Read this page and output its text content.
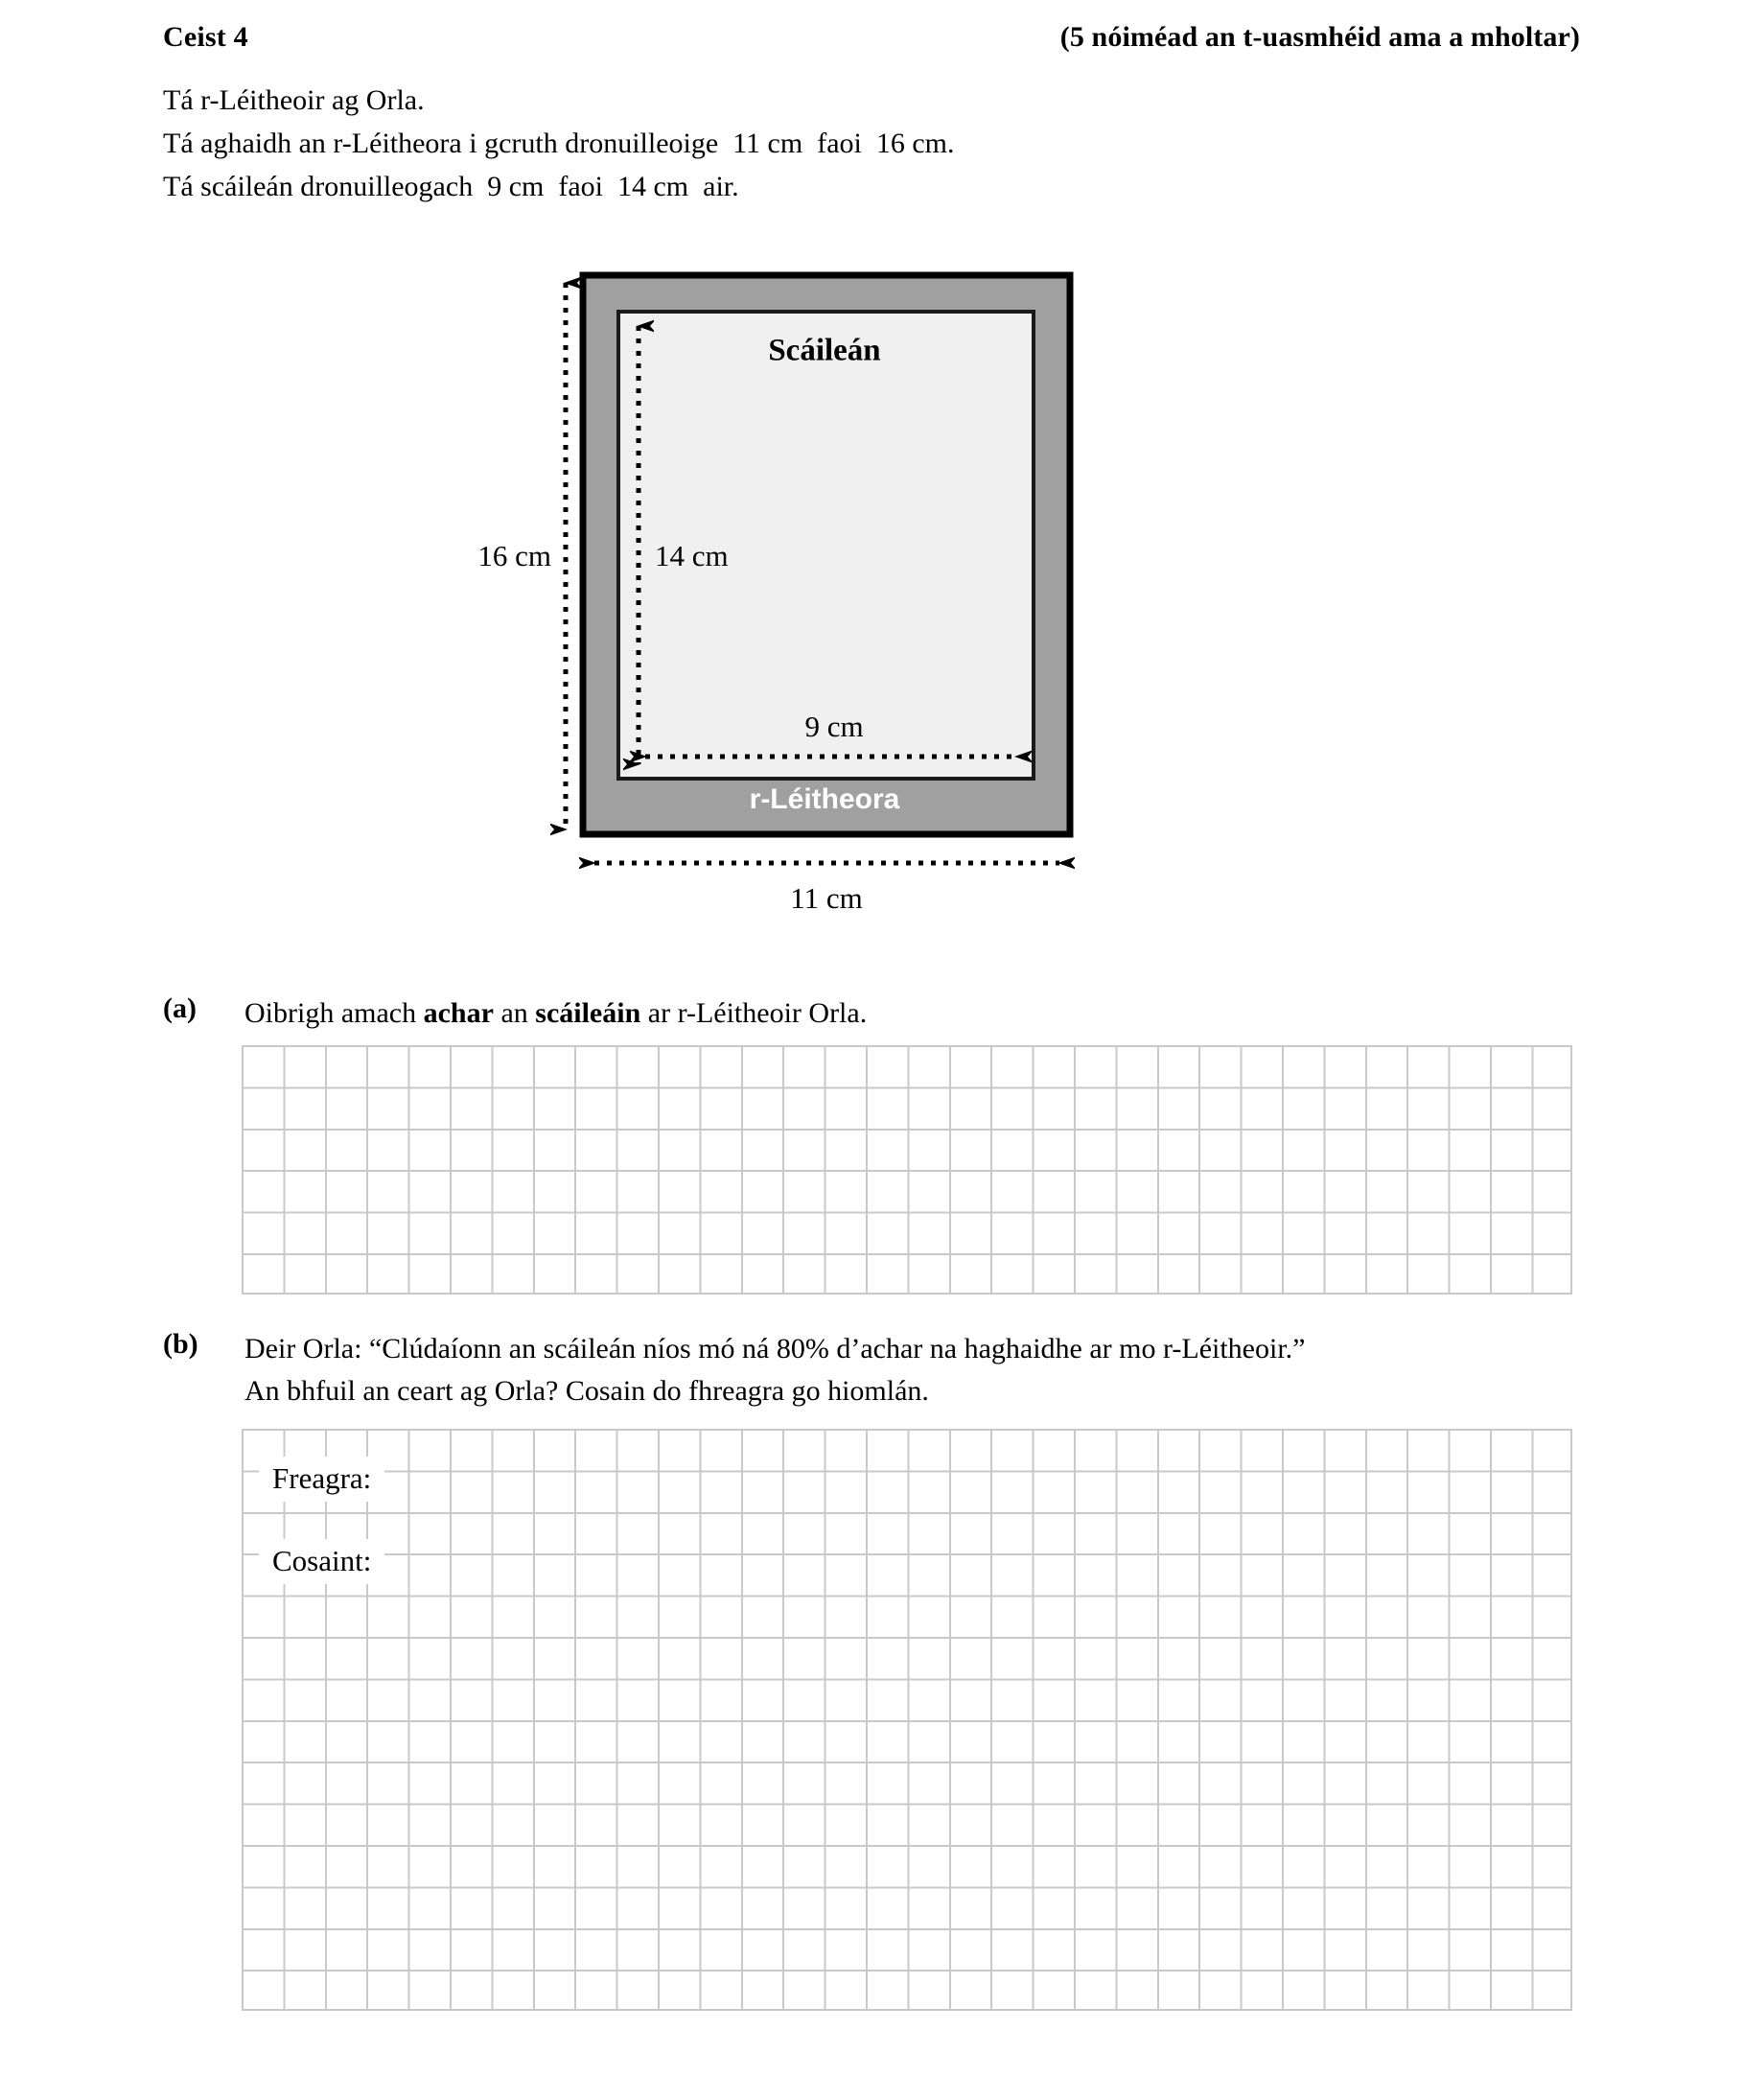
Ceist 4	(5 nóiméad an t-uasmhéid ama a mholtar)
Tá r-Léitheoir ag Orla.
Tá aghaidh an r-Léitheora i gcruth dronuilleoige  11 cm  faoi  16 cm.
Tá scáileán dronuilleogach  9 cm  faoi  14 cm  air.
Scáileán
r-Léitheora
16 cm	14 cm
9 cm
11 cm
(a)	Oibrigh amach achar an scáileáin ar r-Léitheoir Orla.
(b)	Deir Orla: “Clúdaíonn an scáileán níos mó ná 80% d’achar na haghaidhe ar mo r-Léitheoir.”
An bhfuil an ceart ag Orla? Cosain do fhreagra go hiomlán.
Freagra:
Cosaint:
